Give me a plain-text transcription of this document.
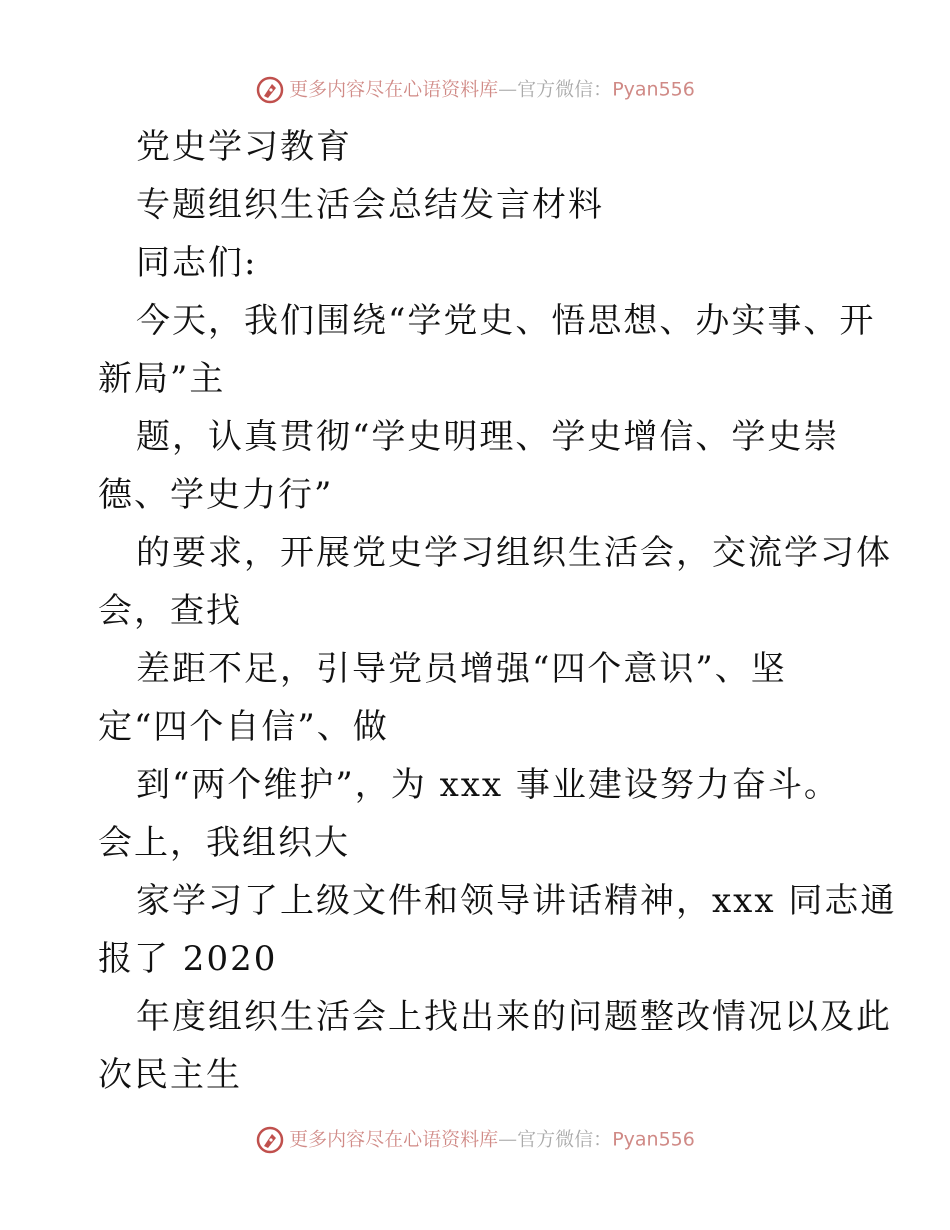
更多内容尽在心语资料库—官方微信：Pyan556
党史学习教育
专题组织生活会总结发言材料
同志们:
今天，我们围绕“学党史、悟思想、办实事、开
新局”主
题，认真贯彻“学史明理、学史增信、学史崇
德、学史力行”
的要求，开展党史学习组织生活会，交流学习体
会，查找
差距不足，引导党员增强“四个意识”、坚
定“四个自信”、做
到“两个维护”，为 xxx 事业建设努力奋斗。
会上，我组织大
家学习了上级文件和领导讲话精神，xxx 同志通
报了 2020
年度组织生活会上找出来的问题整改情况以及此
次民主生
更多内容尽在心语资料库—官方微信：Pyan556
